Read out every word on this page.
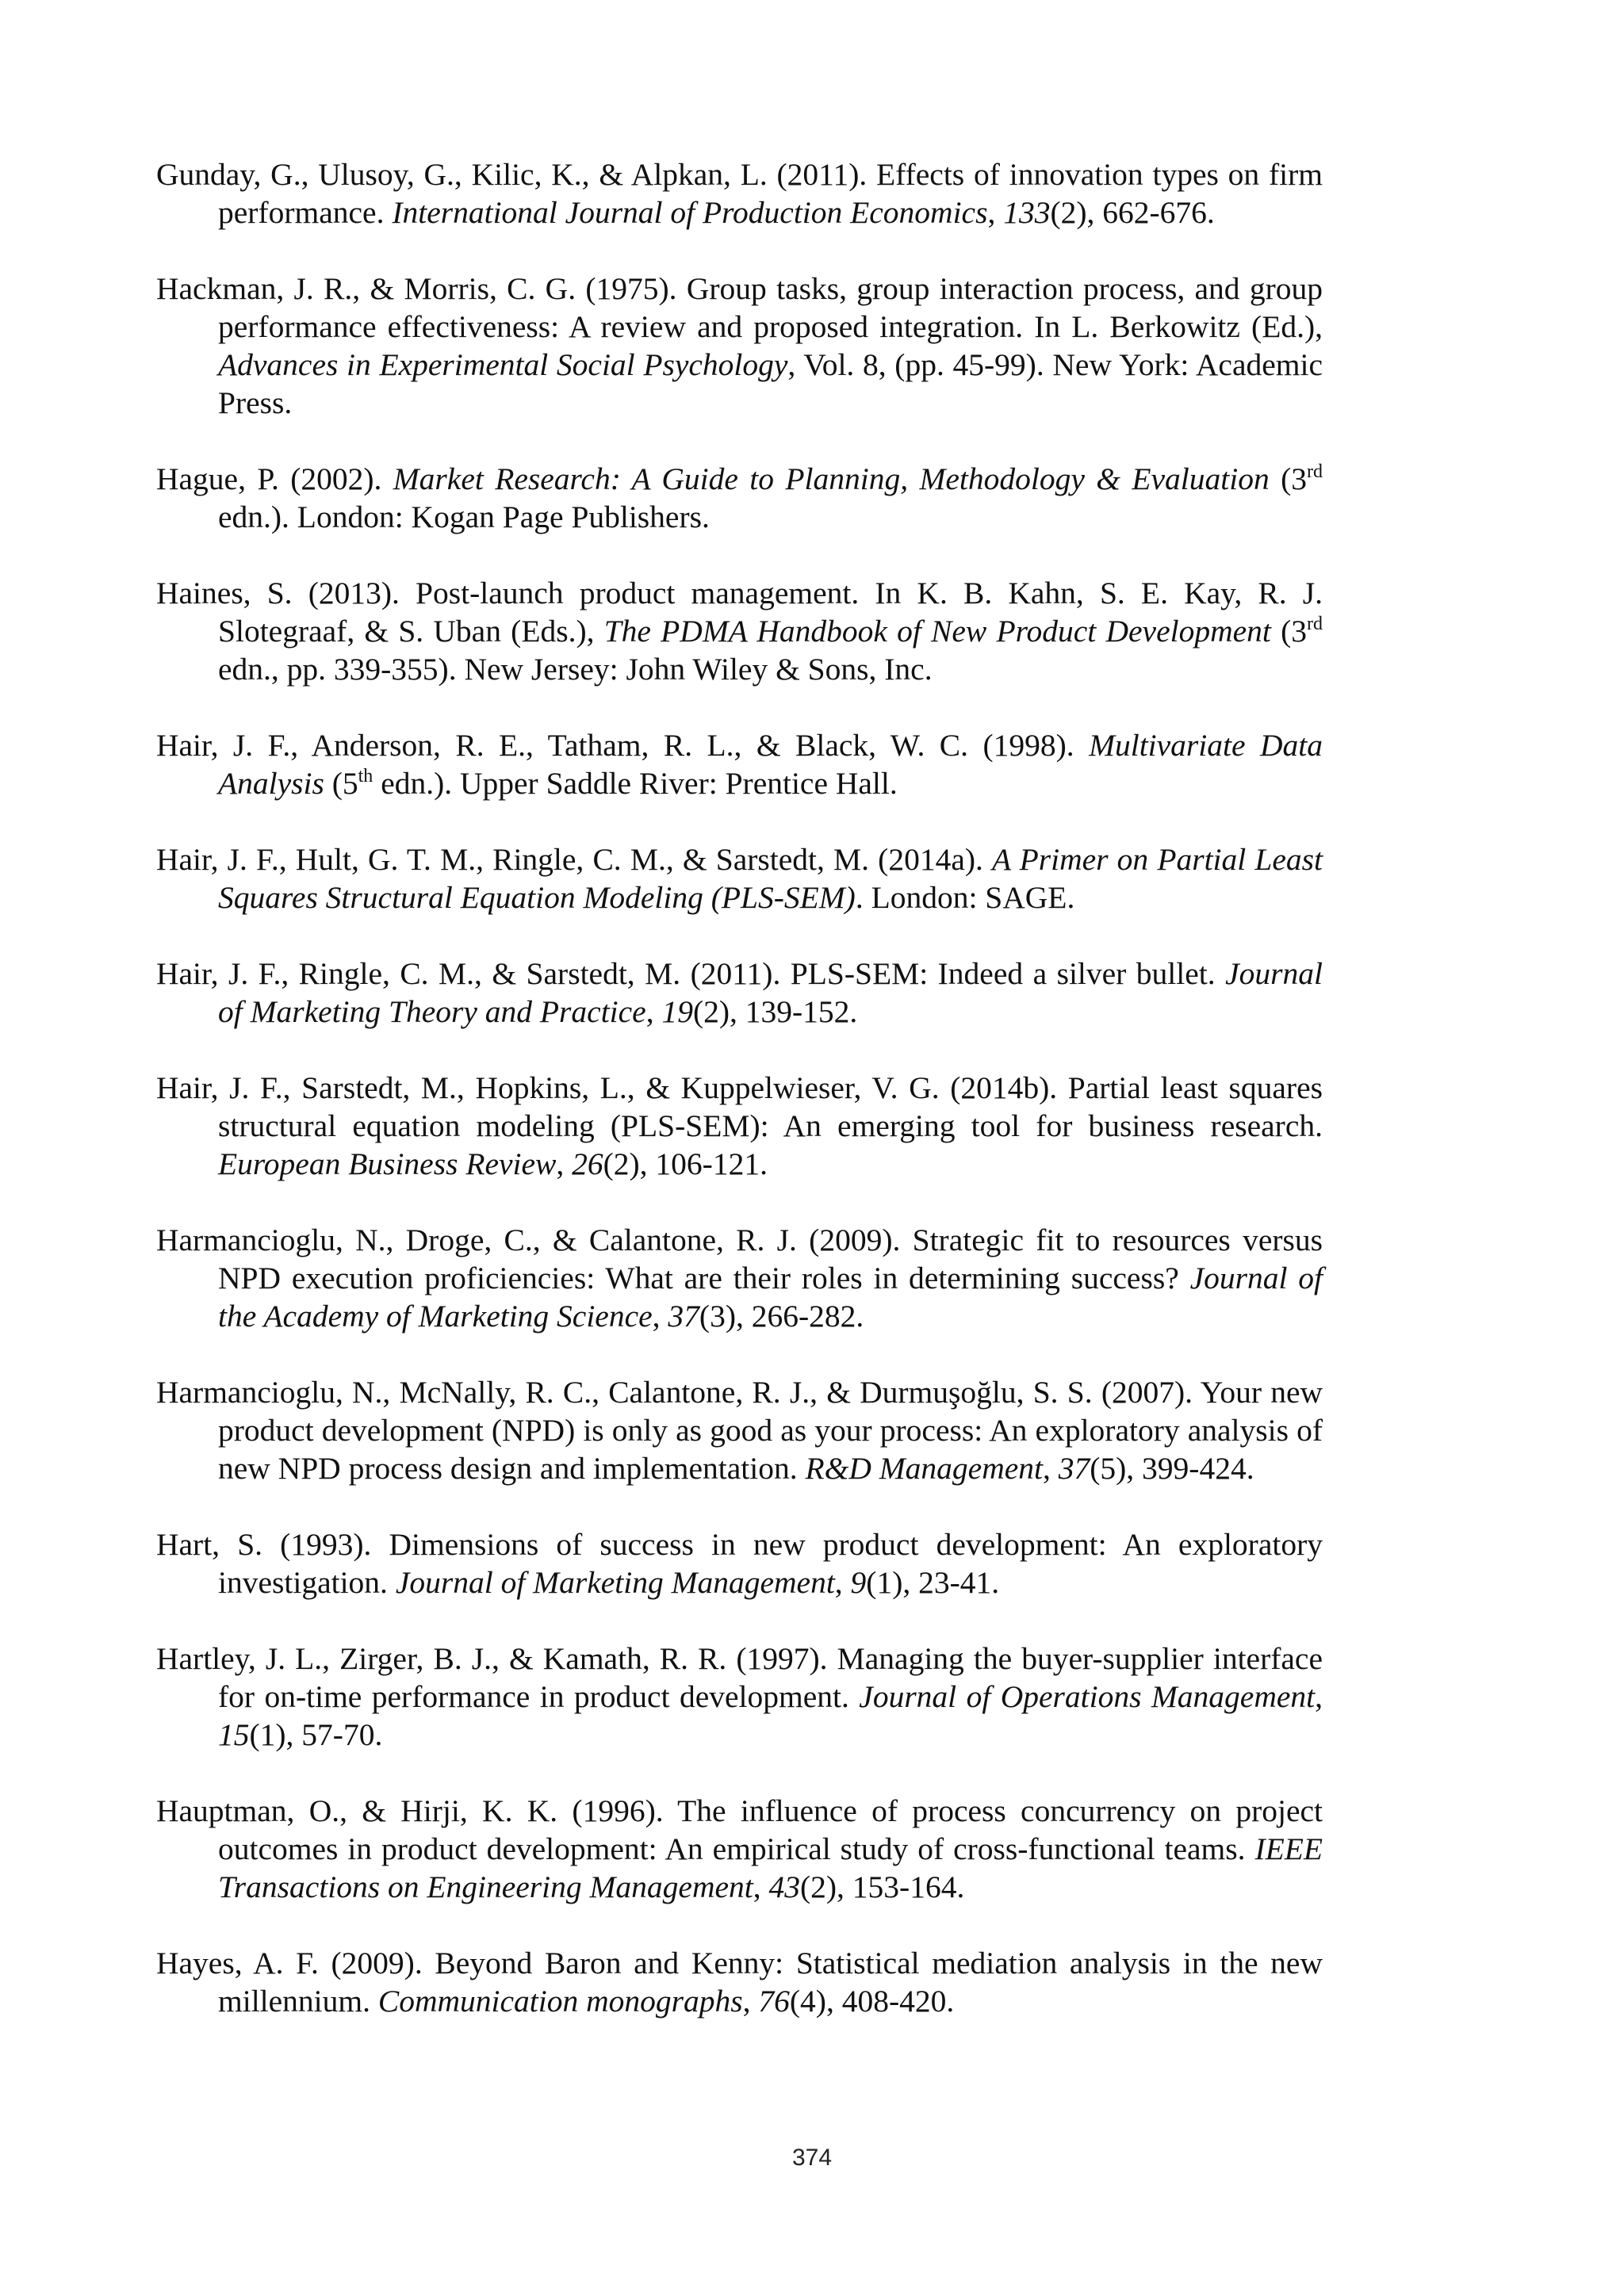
Gunday, G., Ulusoy, G., Kilic, K., & Alpkan, L. (2011). Effects of innovation types on firm performance. International Journal of Production Economics, 133(2), 662-676.

Hackman, J. R., & Morris, C. G. (1975). Group tasks, group interaction process, and group performance effectiveness: A review and proposed integration. In L. Berkowitz (Ed.), Advances in Experimental Social Psychology, Vol. 8, (pp. 45-99). New York: Academic Press.

Hague, P. (2002). Market Research: A Guide to Planning, Methodology & Evaluation (3rd edn.). London: Kogan Page Publishers.

Haines, S. (2013). Post-launch product management. In K. B. Kahn, S. E. Kay, R. J. Slotegraaf, & S. Uban (Eds.), The PDMA Handbook of New Product Development (3rd edn., pp. 339-355). New Jersey: John Wiley & Sons, Inc.

Hair, J. F., Anderson, R. E., Tatham, R. L., & Black, W. C. (1998). Multivariate Data Analysis (5th edn.). Upper Saddle River: Prentice Hall.

Hair, J. F., Hult, G. T. M., Ringle, C. M., & Sarstedt, M. (2014a). A Primer on Partial Least Squares Structural Equation Modeling (PLS-SEM). London: SAGE.

Hair, J. F., Ringle, C. M., & Sarstedt, M. (2011). PLS-SEM: Indeed a silver bullet. Journal of Marketing Theory and Practice, 19(2), 139-152.

Hair, J. F., Sarstedt, M., Hopkins, L., & Kuppelwieser, V. G. (2014b). Partial least squares structural equation modeling (PLS-SEM): An emerging tool for business research. European Business Review, 26(2), 106-121.

Harmancioglu, N., Droge, C., & Calantone, R. J. (2009). Strategic fit to resources versus NPD execution proficiencies: What are their roles in determining success? Journal of the Academy of Marketing Science, 37(3), 266-282.

Harmancioglu, N., McNally, R. C., Calantone, R. J., & Durmuşoğlu, S. S. (2007). Your new product development (NPD) is only as good as your process: An exploratory analysis of new NPD process design and implementation. R&D Management, 37(5), 399-424.

Hart, S. (1993). Dimensions of success in new product development: An exploratory investigation. Journal of Marketing Management, 9(1), 23-41.

Hartley, J. L., Zirger, B. J., & Kamath, R. R. (1997). Managing the buyer-supplier interface for on-time performance in product development. Journal of Operations Management, 15(1), 57-70.

Hauptman, O., & Hirji, K. K. (1996). The influence of process concurrency on project outcomes in product development: An empirical study of cross-functional teams. IEEE Transactions on Engineering Management, 43(2), 153-164.

Hayes, A. F. (2009). Beyond Baron and Kenny: Statistical mediation analysis in the new millennium. Communication monographs, 76(4), 408-420.

374
